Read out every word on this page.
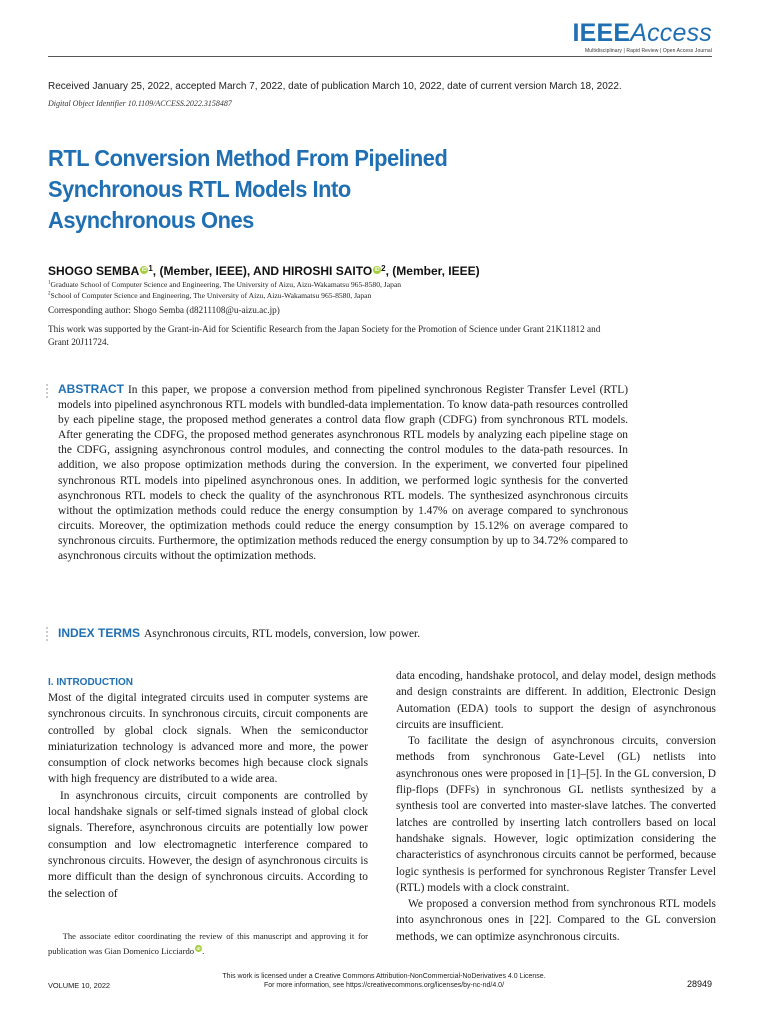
IEEEAccess
Multidisciplinary | Rapid Review | Open Access Journal
Received January 25, 2022, accepted March 7, 2022, date of publication March 10, 2022, date of current version March 18, 2022.
Digital Object Identifier 10.1109/ACCESS.2022.3158487
RTL Conversion Method From Pipelined
Synchronous RTL Models Into
Asynchronous Ones
SHOGO SEMBA iD $^1$, (Member, IEEE), AND HIROSHI SAITO iD $^2$, (Member, IEEE)
$^1$Graduate School of Computer Science and Engineering, The University of Aizu, Aizu-Wakamatsu 965-8580, Japan
$^2$School of Computer Science and Engineering, The University of Aizu, Aizu-Wakamatsu 965-8580, Japan
Corresponding author: Shogo Semba (d8211108@u-aizu.ac.jp)
This work was supported by the Grant-in-Aid for Scientific Research from the Japan Society for the Promotion of Science under Grant 21K11812 and Grant 20J11724.
ABSTRACT In this paper, we propose a conversion method from pipelined synchronous Register Transfer Level (RTL) models into pipelined asynchronous RTL models with bundled-data implementation. To know data-path resources controlled by each pipeline stage, the proposed method generates a control data flow graph (CDFG) from synchronous RTL models. After generating the CDFG, the proposed method generates asynchronous RTL models by analyzing each pipeline stage on the CDFG, assigning asynchronous control modules, and connecting the control modules to the data-path resources. In addition, we also propose optimization methods during the conversion. In the experiment, we converted four pipelined synchronous RTL models into pipelined asynchronous ones. In addition, we performed logic synthesis for the converted asynchronous RTL models to check the quality of the asynchronous RTL models. The synthesized asynchronous circuits without the optimization methods could reduce the energy consumption by 1.47% on average compared to synchronous circuits. Moreover, the optimization methods could reduce the energy consumption by 15.12% on average compared to synchronous circuits. Furthermore, the optimization methods reduced the energy consumption by up to 34.72% compared to asynchronous circuits without the optimization methods.
INDEX TERMS Asynchronous circuits, RTL models, conversion, low power.
I. INTRODUCTION

Most of the digital integrated circuits used in computer systems are synchronous circuits. In synchronous circuits, circuit components are controlled by global clock signals. When the semiconductor miniaturization technology is advanced more and more, the power consumption of clock networks becomes high because clock signals with high frequency are distributed to a wide area.

In asynchronous circuits, circuit components are controlled by local handshake signals or self-timed signals instead of global clock signals. Therefore, asynchronous circuits are potentially low power consumption and low electromagnetic interference compared to synchronous circuits. However, the design of asynchronous circuits is more difficult than the design of synchronous circuits. According to the selection of

data encoding, handshake protocol, and delay model, design methods and design constraints are different. In addition, Electronic Design Automation (EDA) tools to support the design of asynchronous circuits are insufficient.

To facilitate the design of asynchronous circuits, conversion methods from synchronous Gate-Level (GL) netlists into asynchronous ones were proposed in [1]–[5]. In the GL conversion, D flip-flops (DFFs) in synchronous GL netlists synthesized by a synthesis tool are converted into master-slave latches. The converted latches are controlled by inserting latch controllers based on local handshake signals. However, logic optimization considering the characteristics of asynchronous circuits cannot be performed, because logic synthesis is performed for synchronous Register Transfer Level (RTL) models with a clock constraint.

We proposed a conversion method from synchronous RTL models into asynchronous ones in [22]. Compared to the GL conversion methods, we can optimize asynchronous circuits.

The associate editor coordinating the review of this manuscript and approving it for publication was Gian Domenico Licciardo iD .
This work is licensed under a Creative Commons Attribution-NonCommercial-NoDerivatives 4.0 License.
For more information, see https://creativecommons.org/licenses/by-nc-nd/4.0/
VOLUME 10, 2022	28949
